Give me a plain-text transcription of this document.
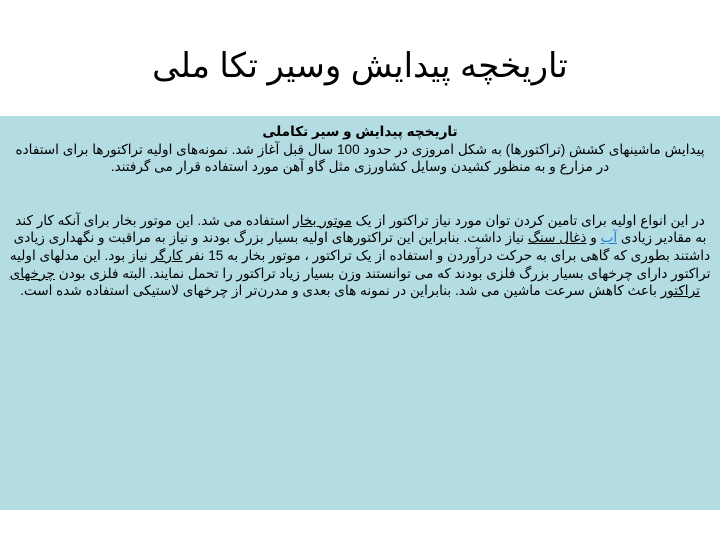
تاریخچه پیدایش وسیر تکا ملی

تاریخچه پیدایش و سیر تکاملی
پیدایش ماشینهای کشش (تراکتورها) به شکل امروزی در حدود 100 سال قبل آغاز شد. نمونه‌های اولیه تراکتورها برای استفاده در مزارع و به منظور کشیدن وسایل کشاورزی مثل گاو آهن مورد استفاده قرار می گرفتند.

در این انواع اولیه برای تامین کردن توان مورد نیاز تراکتور از یک موتور بخار استفاده می شد. این موتور بخار برای آنکه کار کند به مقادیر زیادی آب و ذغال سنگ نیاز داشت. بنابراین این تراکتورهای اولیه بسیار بزرگ بودند و نیاز به مراقبت و نگهداری زیادی داشتند بطوری که گاهی برای به حرکت درآوردن و استفاده از یک تراکتور ، موتور بخار به 15 نفر کارگر نیاز بود. این مدلهای اولیه تراکتور دارای چرخهای بسیار بزرگ فلزی بودند که می توانستند وزن بسیار زیاد تراکتور را تحمل نمایند. البته فلزی بودن چرخهای تراکتور باعث کاهش سرعت ماشین می شد. بنابراین در نمونه های بعدی و مدرن‌تر از چرخهای لاستیکی استفاده شده است.
